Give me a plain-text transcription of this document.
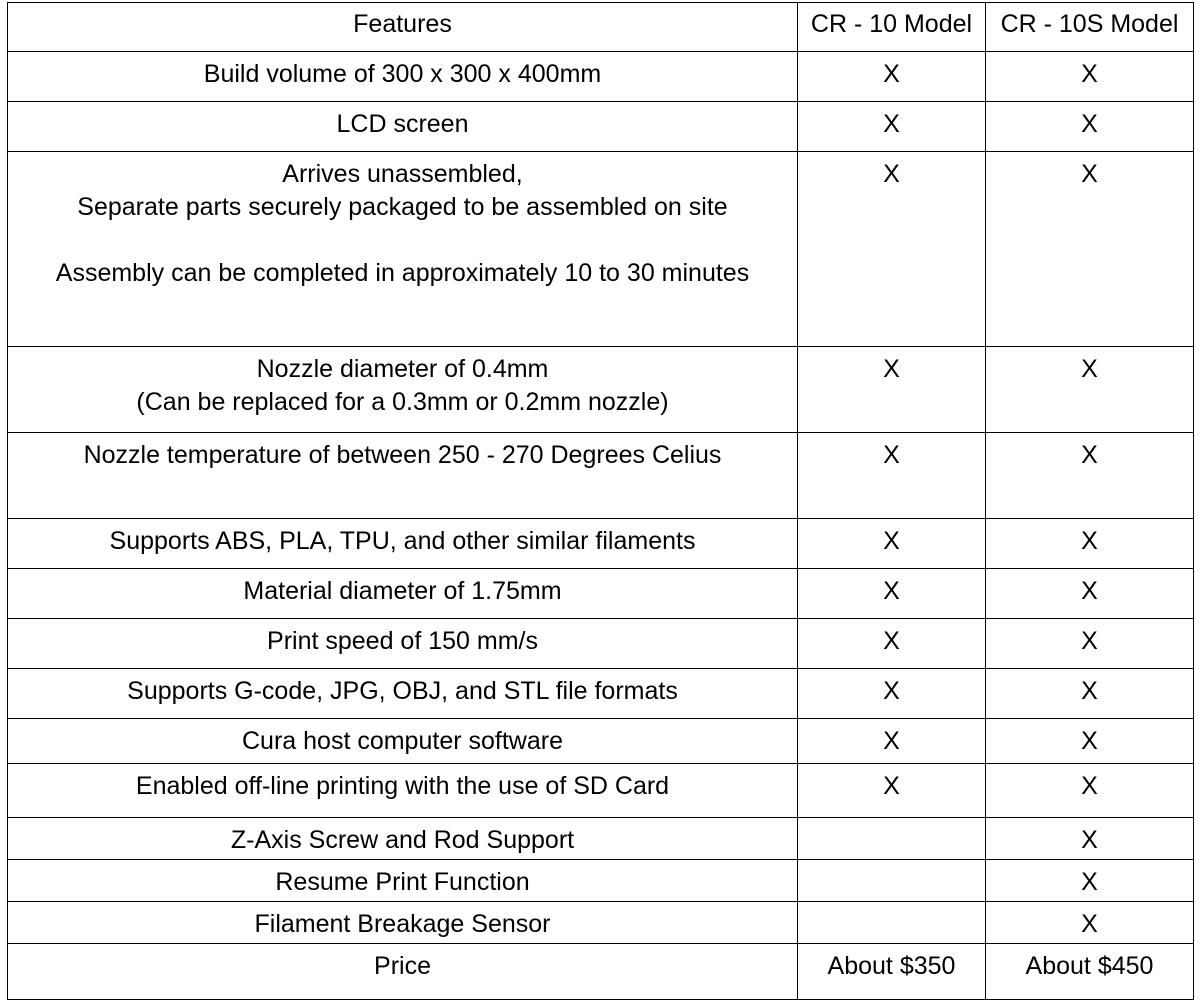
Features	CR - 10 Model	CR - 10S Model

Build volume of 300 x 300 x 400mm	X	X

LCD screen	X	X

Arrives unassembled,
Separate parts securely packaged to be assembled on site
Assembly can be completed in approximately 10 to 30 minutes	X	X

Nozzle diameter of 0.4mm
(Can be replaced for a 0.3mm or 0.2mm nozzle)	X	X

Nozzle temperature of between 250 - 270 Degrees Celius	X	X

Supports ABS, PLA, TPU, and other similar filaments	X	X

Material diameter of 1.75mm	X	X

Print speed of 150 mm/s	X	X

Supports G-code, JPG, OBJ, and STL file formats	X	X

Cura host computer software	X	X

Enabled off-line printing with the use of SD Card	X	X

Z-Axis Screw and Rod Support		X

Resume Print Function		X

Filament Breakage Sensor		X

Price	About $350	About $450
